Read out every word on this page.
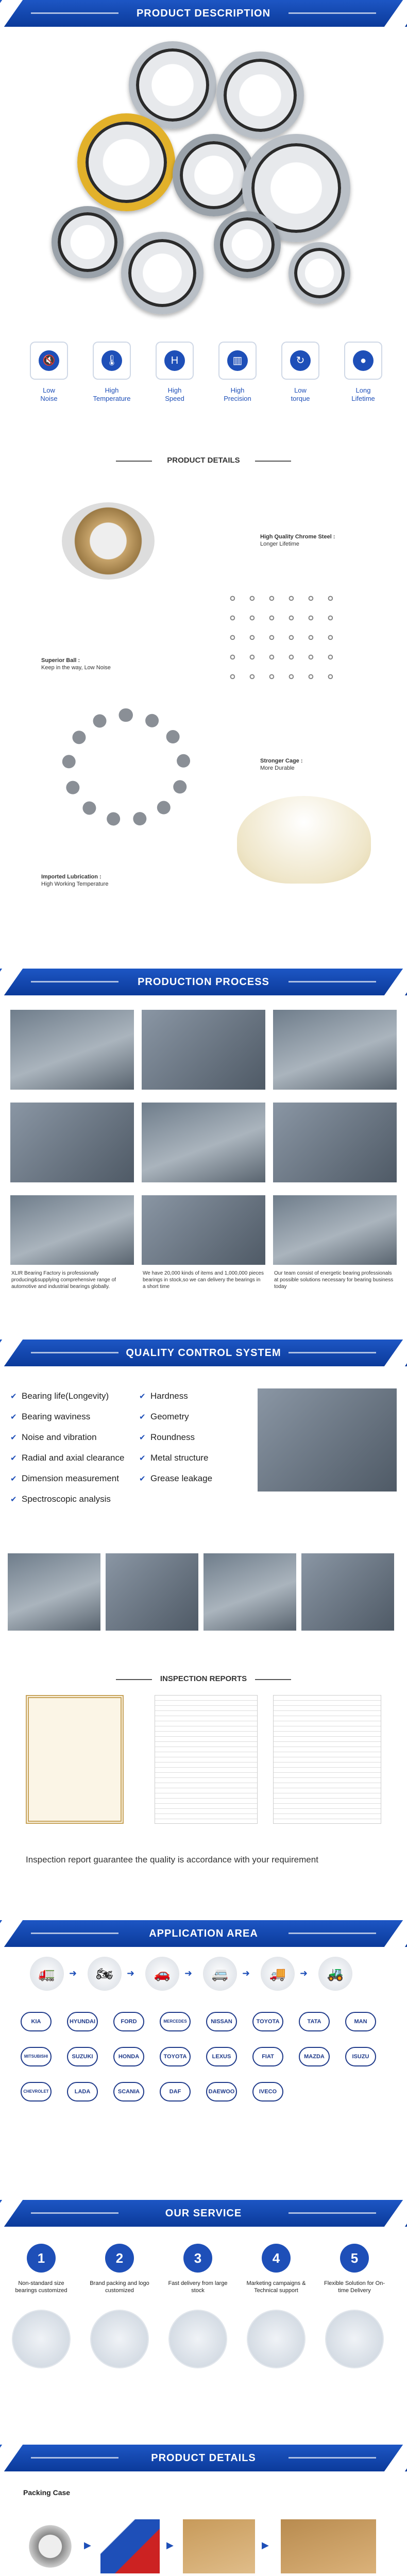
PRODUCT DESCRIPTION
🔇
Low
Noise
🌡
High
Temperature
H
High
Speed
▥
High
Precision
↻
Low
torque
●
Long
Lifetime
PRODUCT DETAILS
High Quality Chrome Steel :
Longer Lifetime
Superior Ball :
Keep in the way, Low Noise
Stronger Cage :
More Durable
Imported Lubrication :
High Working Temperature
PRODUCTION PROCESS
XLIR Bearing Factory is professionally producing&supplying comprehensive range of automotive and industrial bearings globally.
We have 20,000 kinds of items and 1,000,000 pieces bearings in stock,so we can delivery the bearings in a short time
Our team consist of energetic bearing professionals at possible solutions necessary for bearing business today
QUALITY CONTROL SYSTEM
✔ Bearing life(Longevity)
✔ Bearing waviness
✔ Noise and vibration
✔ Radial and axial clearance
✔ Dimension measurement
✔ Spectroscopic analysis
✔ Hardness
✔ Geometry
✔ Roundness
✔ Metal structure
✔ Grease leakage
INSPECTION REPORTS
Inspection report guarantee the quality is accordance with your requirement
APPLICATION AREA
🚛	➜	🏍	➜	🚗	➜	🚐	➜	🚚	➜	🚜
KIA	HYUNDAI	FORD	MERCEDES	NISSAN	TOYOTA	TATA	MAN
MITSUBISHI	SUZUKI	HONDA	TOYOTA	LEXUS	FIAT	MAZDA	ISUZU
CHEVROLET	LADA	SCANIA	DAF	DAEWOO	IVECO
OUR SERVICE
1
Non-standard size bearings customized
2
Brand packing and logo customized
3
Fast delivery from large stock
4
Marketing campaigns & Technical support
5
Flexible Solution for On-time Delivery
PRODUCT DETAILS
Packing Case
▶	▶	▶
